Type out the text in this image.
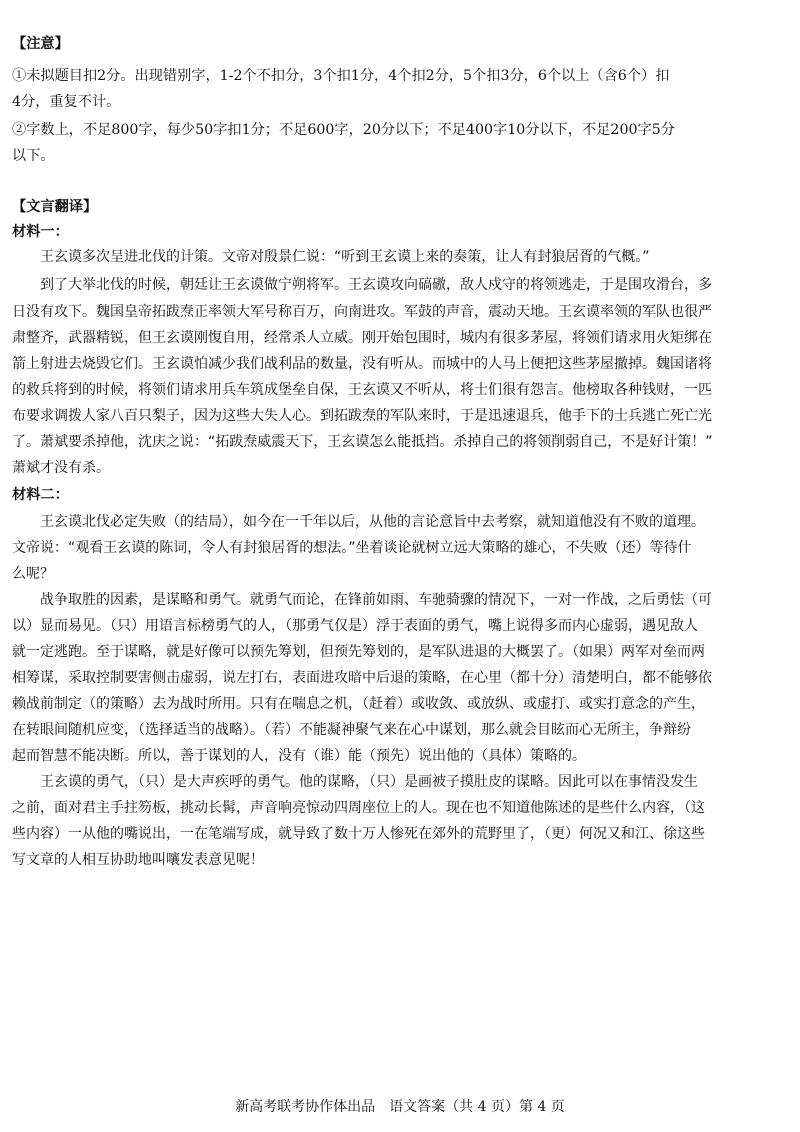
【注意】
①未拟题目扣2分。出现错别字，1-2个不扣分，3个扣1分，4个扣2分，5个扣3分，6个以上（含6个）扣
4分，重复不计。
②字数上，不足800字，每少50字扣1分；不足600字，20分以下；不足400字10分以下，不足200字5分
以下。
【文言翻译】
材料一：
王玄谟多次呈进北伐的计策。文帝对殷景仁说：“听到王玄谟上来的奏策，让人有封狼居胥的气概。”
到了大举北伐的时候，朝廷让王玄谟做宁朔将军。王玄谟攻向碻磝，敌人戍守的将领逃走，于是围攻滑台，多
日没有攻下。魏国皇帝拓跋焘正率领大军号称百万，向南进攻。军鼓的声音，震动天地。王玄谟率领的军队也很严
肃整齐，武器精锐，但王玄谟刚愎自用，经常杀人立威。刚开始包围时，城内有很多茅屋，将领们请求用火矩绑在
箭上射进去烧毁它们。王玄谟怕减少我们战利品的数量，没有听从。而城中的人马上便把这些茅屋撤掉。魏国诸将
的救兵将到的时候，将领们请求用兵车筑成堡垒自保，王玄谟又不听从，将士们很有怨言。他榜取各种钱财，一匹
布要求调拨人家八百只梨子，因为这些大失人心。到拓跋焘的军队来时，于是迅速退兵，他手下的士兵逃亡死亡光
了。萧斌要杀掉他，沈庆之说：“拓跋焘威震天下，王玄谟怎么能抵挡。杀掉自己的将领削弱自己，不是好计策！”
萧斌才没有杀。
材料二：
王玄谟北伐必定失败（的结局），如今在一千年以后，从他的言论意旨中去考察，就知道他没有不败的道理。
文帝说：“观看王玄谟的陈词，令人有封狼居胥的想法。”坐着谈论就树立远大策略的雄心，不失败（还）等待什
么呢？
战争取胜的因素，是谋略和勇气。就勇气而论，在锋前如雨、车驰骑骤的情况下，一对一作战，之后勇怯（可
以）显而易见。（只）用语言标榜勇气的人，（那勇气仅是）浮于表面的勇气，嘴上说得多而内心虚弱，遇见敌人
就一定逃跑。至于谋略，就是好像可以预先筹划，但预先筹划的，是军队进退的大概罢了。（如果）两军对垒而两
相筹谋，采取控制要害侧击虚弱，说左打右，表面进攻暗中后退的策略，在心里（都十分）清楚明白，都不能够依
赖战前制定（的策略）去为战时所用。只有在喘息之机，（赶着）或收敛、或放纵、或虚打、或实打意念的产生，
在转眼间随机应变，（选择适当的战略）。（若）不能凝神聚气来在心中谋划，那么就会目眩而心无所主，争辩纷
起而智慧不能决断。所以，善于谋划的人，没有（谁）能（预先）说出他的（具体）策略的。
王玄谟的勇气，（只）是大声疾呼的勇气。他的谋略，（只）是画被子摸肚皮的谋略。因此可以在事情没发生
之前，面对君主手拄笏板，挑动长髯，声音响亮惊动四周座位上的人。现在也不知道他陈述的是些什么内容，（这
些内容）一从他的嘴说出，一在笔端写成，就导致了数十万人惨死在郊外的荒野里了，（更）何况又和江、徐这些
写文章的人相互协助地叫嚷发表意见呢！
新高考联考协作体出品　语文答案（共 4 页）第 4 页
